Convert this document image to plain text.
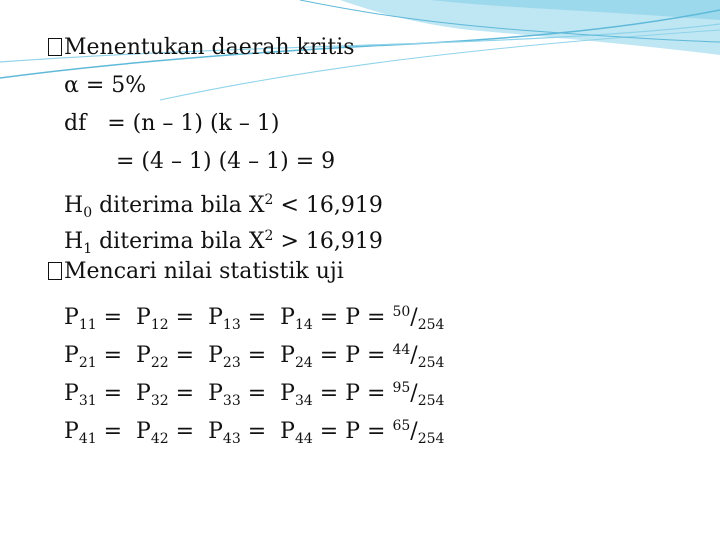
Menentukan daerah kritis
α = 5%
df   = (n – 1) (k – 1)
= (4 – 1) (4 – 1) = 9
$H_0$ diterima bila $X^2 < 16,919$
$H_1$ diterima bila $X^2 > 16,919$
Mencari nilai statistik uji
$P_{11} = P_{12} = P_{13} = P_{14} = P = ^{50}/_{254}$
$P_{21} = P_{22} = P_{23} = P_{24} = P = ^{44}/_{254}$
$P_{31} = P_{32} = P_{33} = P_{34} = P = ^{95}/_{254}$
$P_{41} = P_{42} = P_{43} = P_{44} = P = ^{65}/_{254}$
